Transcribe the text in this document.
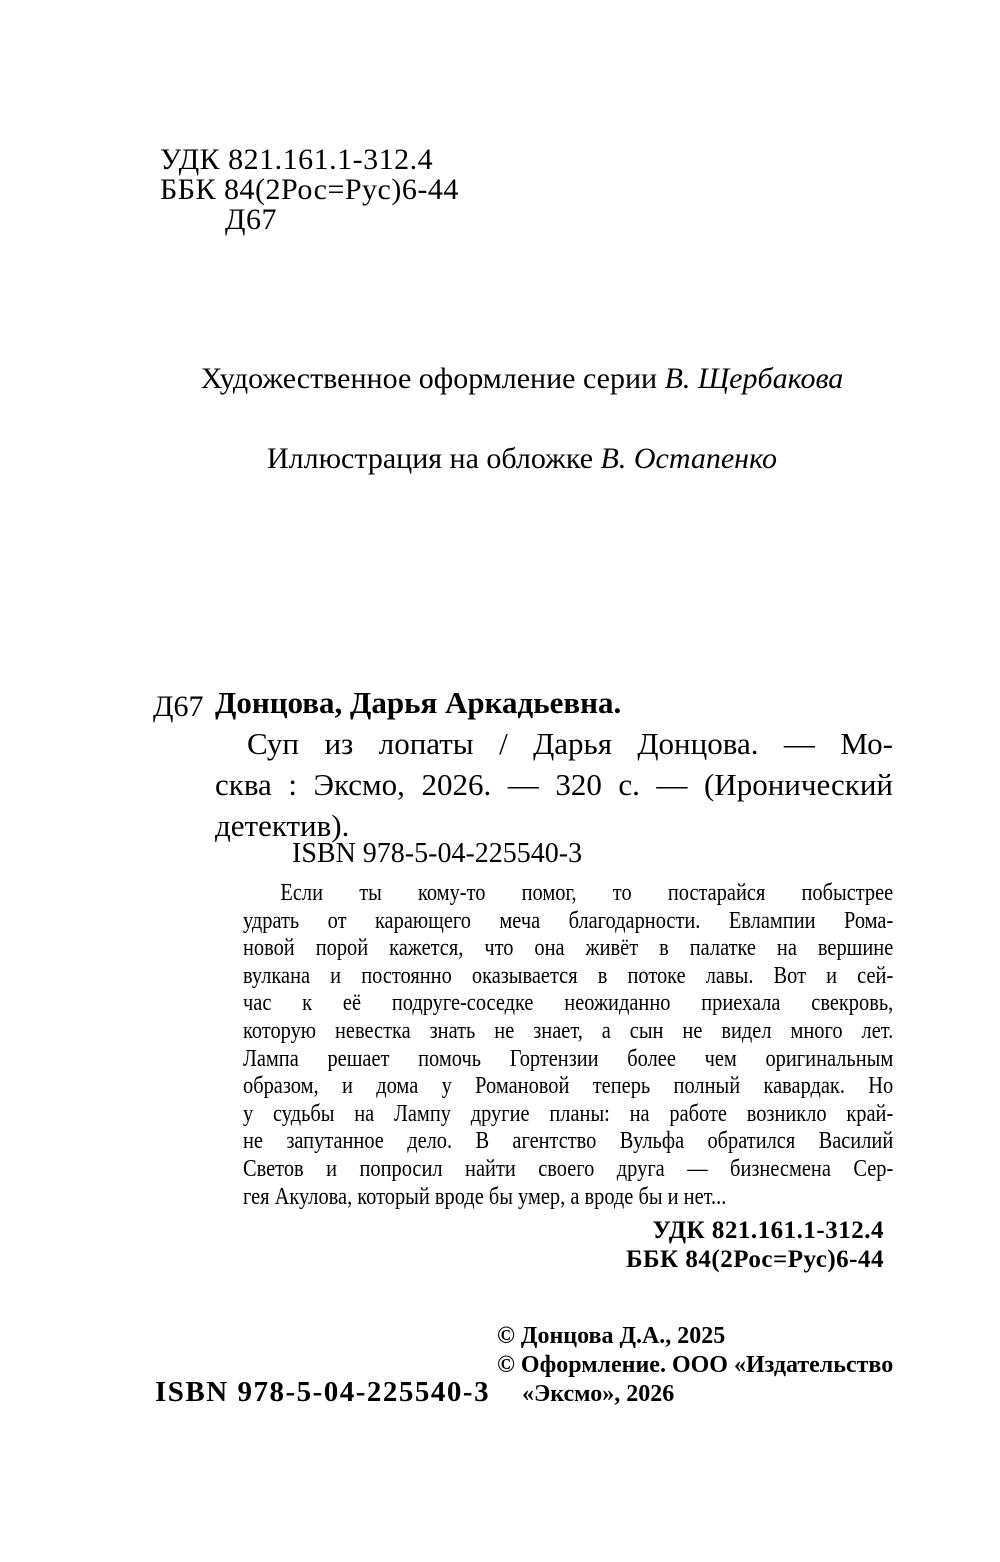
УДК 821.161.1-312.4
ББК 84(2Рос=Рус)6-44
Д67
Художественное оформление серии В. Щербакова
Иллюстрация на обложке В. Остапенко
Д67 Донцова, Дарья Аркадьевна.
Суп из лопаты / Дарья Донцова. — Мо-
сква : Эксмо, 2026. — 320 с. — (Иронический
детектив).
ISBN 978-5-04-225540-3
Если ты кому-то помог, то постарайся побыстрее
удрать от карающего меча благодарности. Евлампии Рома-
новой порой кажется, что она живёт в палатке на вершине
вулкана и постоянно оказывается в потоке лавы. Вот и сей-
час к её подруге-соседке неожиданно приехала свекровь,
которую невестка знать не знает, а сын не видел много лет.
Лампа решает помочь Гортензии более чем оригинальным
образом, и дома у Романовой теперь полный кавардак. Но
у судьбы на Лампу другие планы: на работе возникло край-
не запутанное дело. В агентство Вульфа обратился Василий
Светов и попросил найти своего друга — бизнесмена Сер-
гея Акулова, который вроде бы умер, а вроде бы и нет...
УДК 821.161.1-312.4
ББК 84(2Рос=Рус)6-44
© Донцова Д.А., 2025
© Оформление. ООО «Издательство
«Эксмо», 2026
ISBN 978-5-04-225540-3
